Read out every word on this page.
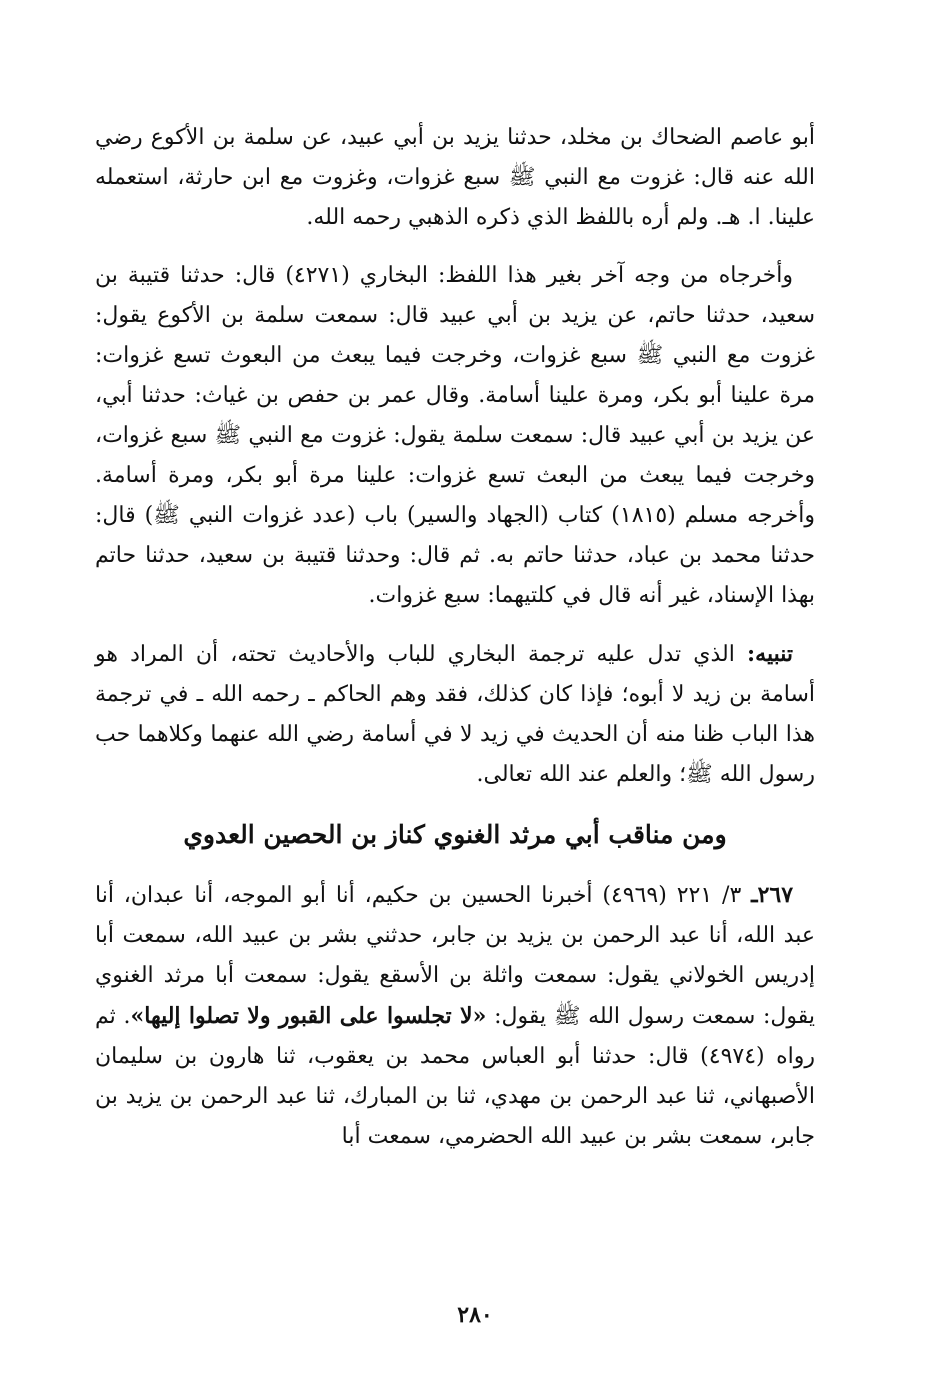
أبو عاصم الضحاك بن مخلد، حدثنا يزيد بن أبي عبيد، عن سلمة بن الأكوع رضي الله عنه قال: غزوت مع النبي ﷺ سبع غزوات، وغزوت مع ابن حارثة، استعمله علينا. ا. هـ. ولم أره باللفظ الذي ذكره الذهبي رحمه الله.

وأخرجاه من وجه آخر بغير هذا اللفظ: البخاري (٤٢٧١) قال: حدثنا قتيبة بن سعيد، حدثنا حاتم، عن يزيد بن أبي عبيد قال: سمعت سلمة بن الأكوع يقول: غزوت مع النبي ﷺ سبع غزوات، وخرجت فيما يبعث من البعوث تسع غزوات: مرة علينا أبو بكر، ومرة علينا أسامة. وقال عمر بن حفص بن غياث: حدثنا أبي، عن يزيد بن أبي عبيد قال: سمعت سلمة يقول: غزوت مع النبي ﷺ سبع غزوات، وخرجت فيما يبعث من البعث تسع غزوات: علينا مرة أبو بكر، ومرة أسامة. وأخرجه مسلم (١٨١٥) كتاب (الجهاد والسير) باب (عدد غزوات النبي ﷺ) قال: حدثنا محمد بن عباد، حدثنا حاتم به. ثم قال: وحدثنا قتيبة بن سعيد، حدثنا حاتم بهذا الإسناد، غير أنه قال في كلتيهما: سبع غزوات.

تنبيه: الذي تدل عليه ترجمة البخاري للباب والأحاديث تحته، أن المراد هو أسامة بن زيد لا أبوه؛ فإذا كان كذلك، فقد وهم الحاكم ـ رحمه الله ـ في ترجمة هذا الباب ظنا منه أن الحديث في زيد لا في أسامة رضي الله عنهما وكلاهما حب رسول الله ﷺ؛ والعلم عند الله تعالى.

ومن مناقب أبي مرثد الغنوي كناز بن الحصين العدوي

٢٦٧ـ ٣/ ٢٢١ (٤٩٦٩) أخبرنا الحسين بن حكيم، أنا أبو الموجه، أنا عبدان، أنا عبد الله، أنا عبد الرحمن بن يزيد بن جابر، حدثني بشر بن عبيد الله، سمعت أبا إدريس الخولاني يقول: سمعت واثلة بن الأسقع يقول: سمعت أبا مرثد الغنوي يقول: سمعت رسول الله ﷺ يقول: «لا تجلسوا على القبور ولا تصلوا إليها». ثم رواه (٤٩٧٤) قال: حدثنا أبو العباس محمد بن يعقوب، ثنا هارون بن سليمان الأصبهاني، ثنا عبد الرحمن بن مهدي، ثنا بن المبارك، ثنا عبد الرحمن بن يزيد بن جابر، سمعت بشر بن عبيد الله الحضرمي، سمعت أبا

٢٨٠
